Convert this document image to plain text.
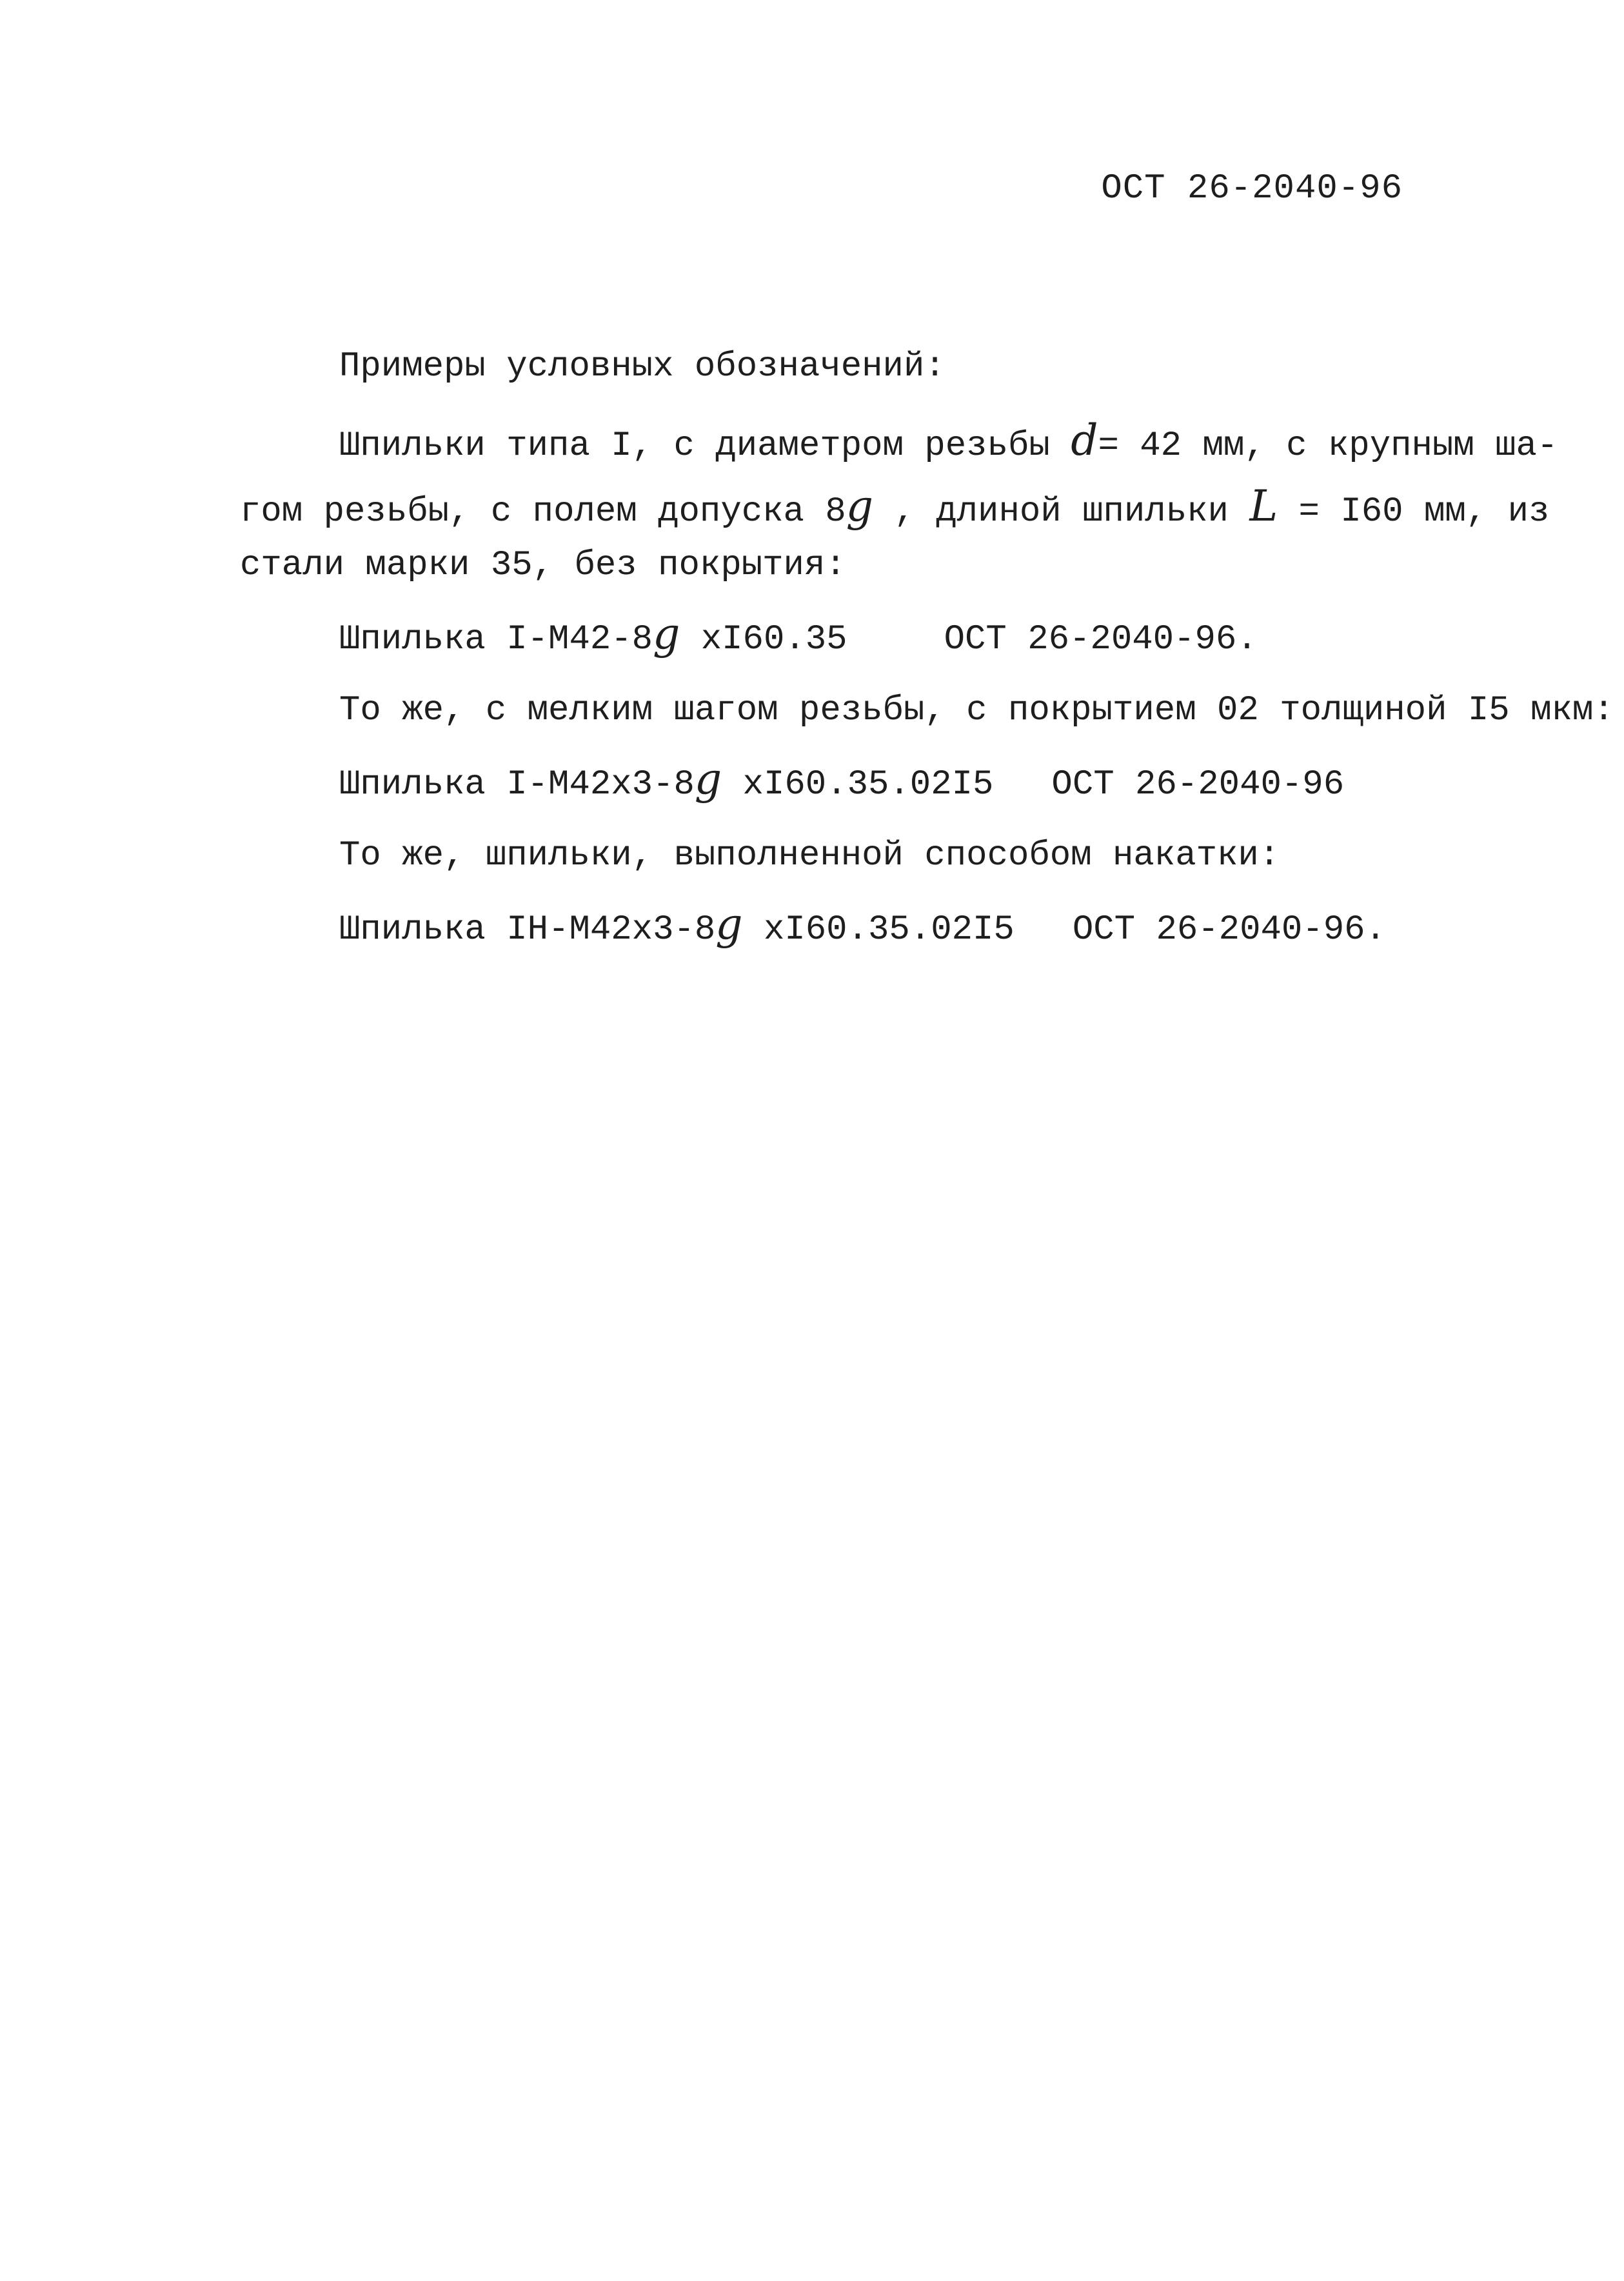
ОСТ 26-2040-96
Примеры условных обозначений:
Шпильки типа I, с диаметром резьбы d= 42 мм, с крупным ша-
гом резьбы, с полем допуска 8g , длиной шпильки L = I60 мм, из
стали марки 35, без покрытия:
Шпилька I-М42-8g xI60.35	ОСТ 26-2040-96.
То же, с мелким шагом резьбы, с покрытием 02 толщиной I5 мкм:
Шпилька I-М42x3-8g xI60.35.02I5 ОСТ 26-2040-96
То же, шпильки, выполненной способом накатки:
Шпилька IН-М42x3-8g xI60.35.02I5 ОСТ 26-2040-96.
